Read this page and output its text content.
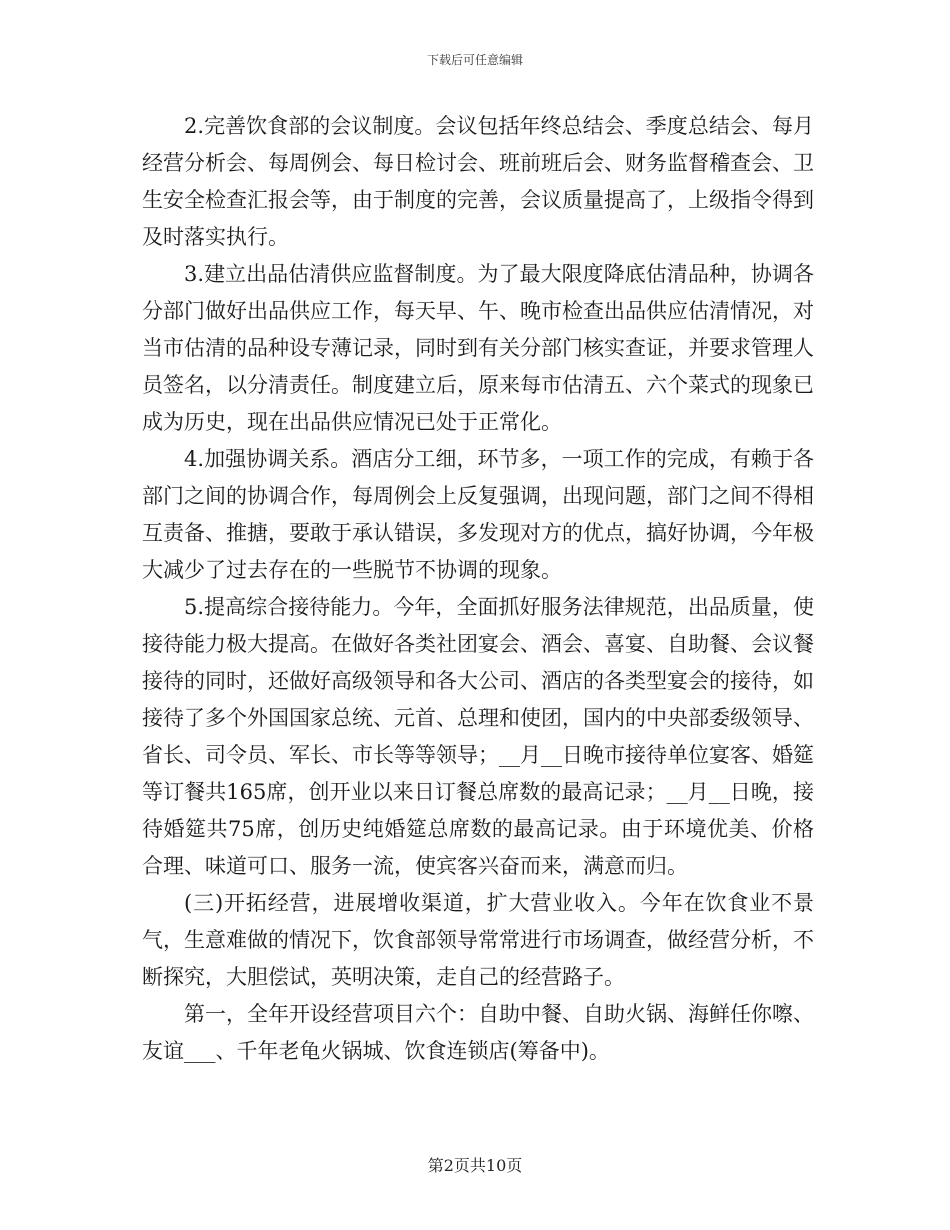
下载后可任意编辑

2.完善饮食部的会议制度。会议包括年终总结会、季度总结会、每月经营分析会、每周例会、每日检讨会、班前班后会、财务监督稽查会、卫生安全检查汇报会等，由于制度的完善，会议质量提高了，上级指令得到及时落实执行。

3.建立出品估清供应监督制度。为了最大限度降底估清品种，协调各分部门做好出品供应工作，每天早、午、晚市检查出品供应估清情况，对当市估清的品种设专薄记录，同时到有关分部门核实查证，并要求管理人员签名，以分清责任。制度建立后，原来每市估清五、六个菜式的现象已成为历史，现在出品供应情况已处于正常化。

4.加强协调关系。酒店分工细，环节多，一项工作的完成，有赖于各部门之间的协调合作，每周例会上反复强调，出现问题，部门之间不得相互责备、推搪，要敢于承认错误，多发现对方的优点，搞好协调，今年极大减少了过去存在的一些脱节不协调的现象。

5.提高综合接待能力。今年，全面抓好服务法律规范，出品质量，使接待能力极大提高。在做好各类社团宴会、酒会、喜宴、自助餐、会议餐接待的同时，还做好高级领导和各大公司、酒店的各类型宴会的接待，如接待了多个外国国家总统、元首、总理和使团，国内的中央部委级领导、省长、司令员、军长、市长等等领导；__月__日晚市接待单位宴客、婚筵等订餐共165席，创开业以来日订餐总席数的最高记录；__月__日晚，接待婚筵共75席，创历史纯婚筵总席数的最高记录。由于环境优美、价格合理、味道可口、服务一流，使宾客兴奋而来，满意而归。

(三)开拓经营，进展增收渠道，扩大营业收入。今年在饮食业不景气，生意难做的情况下，饮食部领导常常进行市场调查，做经营分析，不断探究，大胆偿试，英明决策，走自己的经营路子。

第一，全年开设经营项目六个：自助中餐、自助火锅、海鲜任你嚓、友谊___、千年老龟火锅城、饮食连锁店(筹备中)。

第2页共10页
